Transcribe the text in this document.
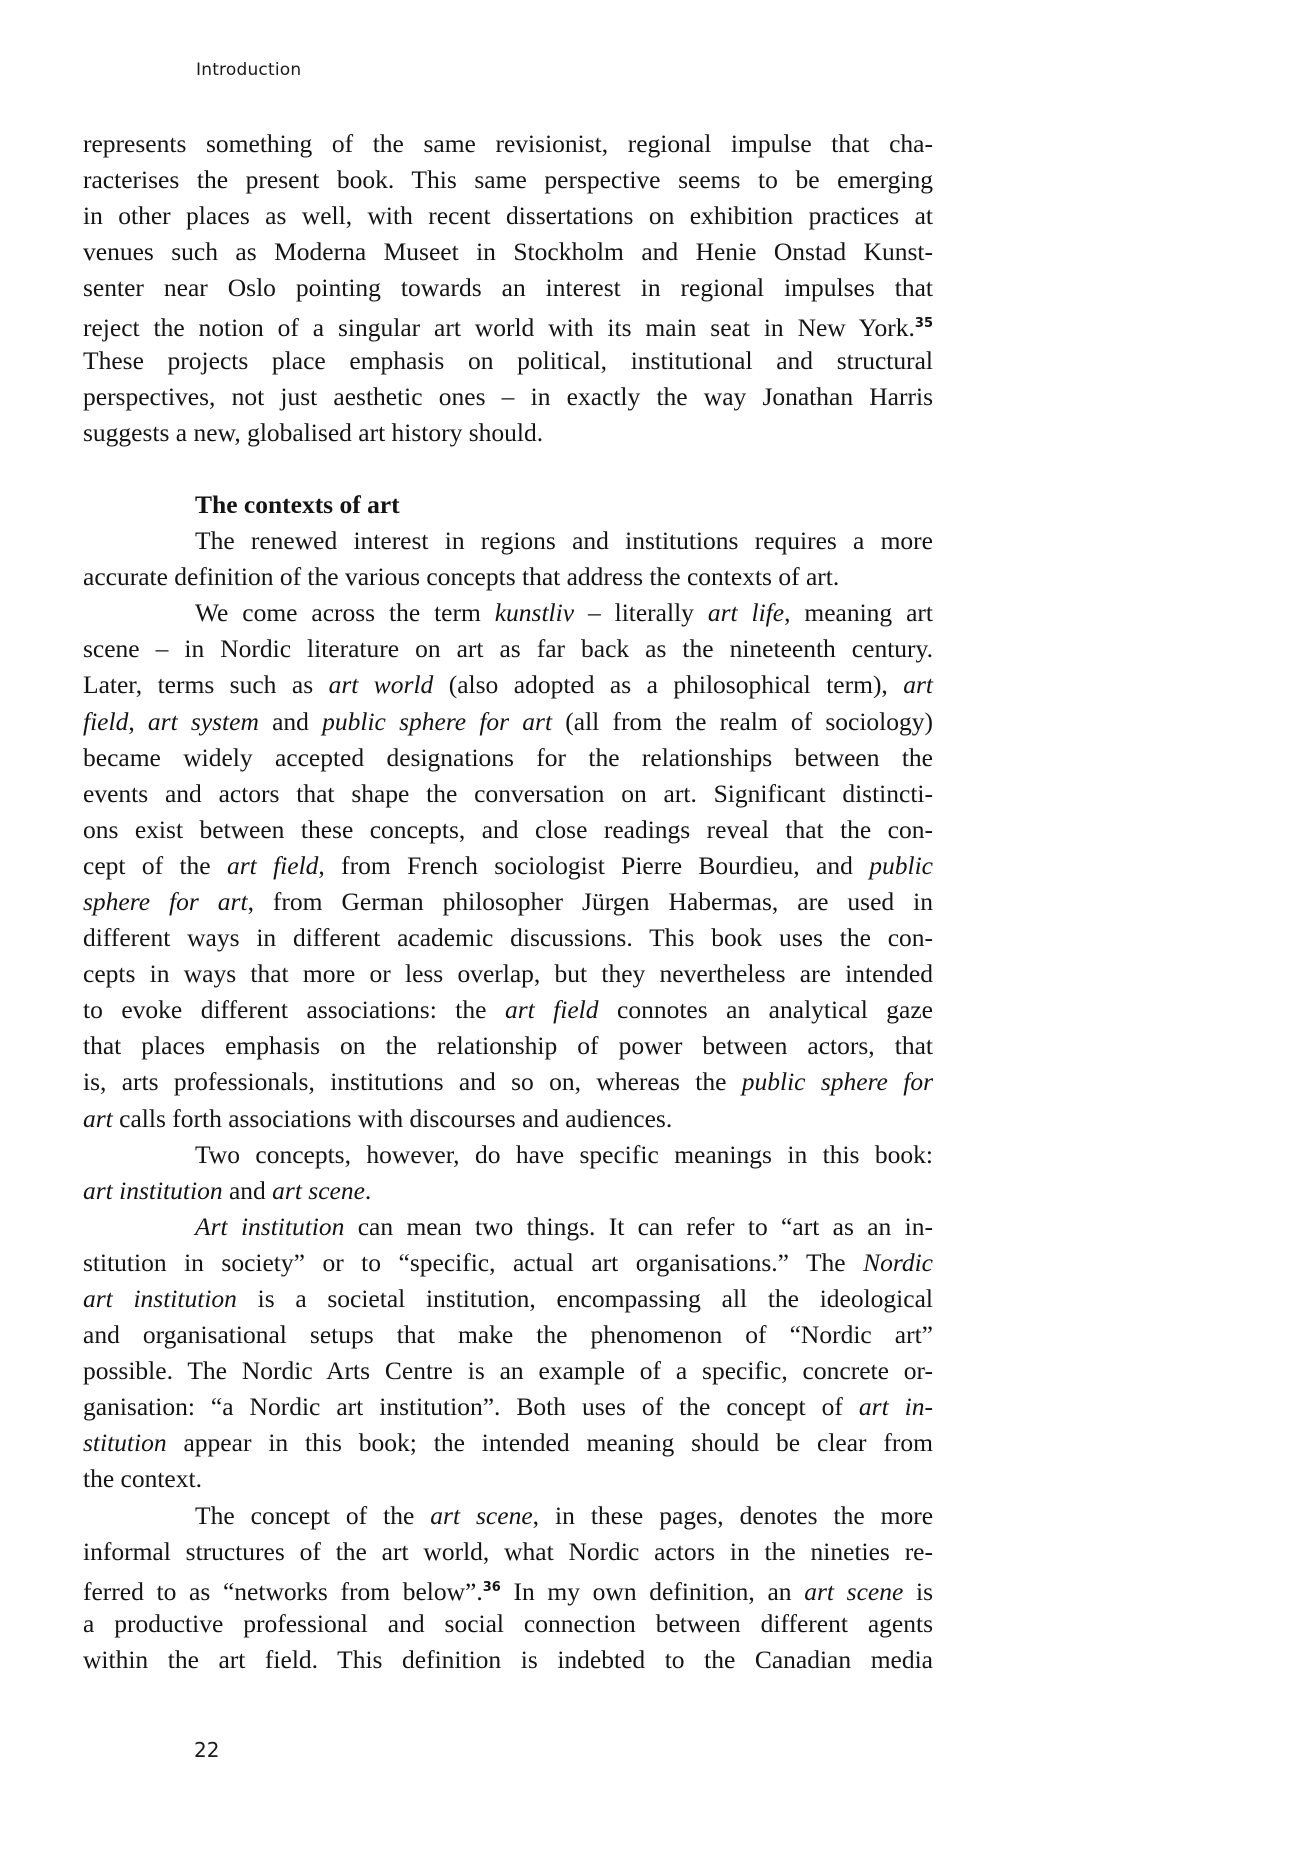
Introduction
represents something of the same revisionist, regional impulse that cha-
racterises the present book. This same perspective seems to be emerging
in other places as well, with recent dissertations on exhibition practices at
venues such as Moderna Museet in Stockholm and Henie Onstad Kunst-
senter near Oslo pointing towards an interest in regional impulses that
reject the notion of a singular art world with its main seat in New York.$^{35}$
These projects place emphasis on political, institutional and structural
perspectives, not just aesthetic ones – in exactly the way Jonathan Harris
suggests a new, globalised art history should.
The contexts of art
The renewed interest in regions and institutions requires a more
accurate definition of the various concepts that address the contexts of art.
We come across the term kunstliv – literally art life, meaning art
scene – in Nordic literature on art as far back as the nineteenth century.
Later, terms such as art world (also adopted as a philosophical term), art
field, art system and public sphere for art (all from the realm of sociology)
became widely accepted designations for the relationships between the
events and actors that shape the conversation on art. Significant distincti-
ons exist between these concepts, and close readings reveal that the con-
cept of the art field, from French sociologist Pierre Bourdieu, and public
sphere for art, from German philosopher Jürgen Habermas, are used in
different ways in different academic discussions. This book uses the con-
cepts in ways that more or less overlap, but they nevertheless are intended
to evoke different associations: the art field connotes an analytical gaze
that places emphasis on the relationship of power between actors, that
is, arts professionals, institutions and so on, whereas the public sphere for
art calls forth associations with discourses and audiences.
Two concepts, however, do have specific meanings in this book:
art institution and art scene.
Art institution can mean two things. It can refer to “art as an in-
stitution in society” or to “specific, actual art organisations.” The Nordic
art institution is a societal institution, encompassing all the ideological
and organisational setups that make the phenomenon of “Nordic art”
possible. The Nordic Arts Centre is an example of a specific, concrete or-
ganisation: “a Nordic art institution”. Both uses of the concept of art in-
stitution appear in this book; the intended meaning should be clear from
the context.
The concept of the art scene, in these pages, denotes the more
informal structures of the art world, what Nordic actors in the nineties re-
ferred to as “networks from below”.$^{36}$ In my own definition, an art scene is
a productive professional and social connection between different agents
within the art field. This definition is indebted to the Canadian media
22
